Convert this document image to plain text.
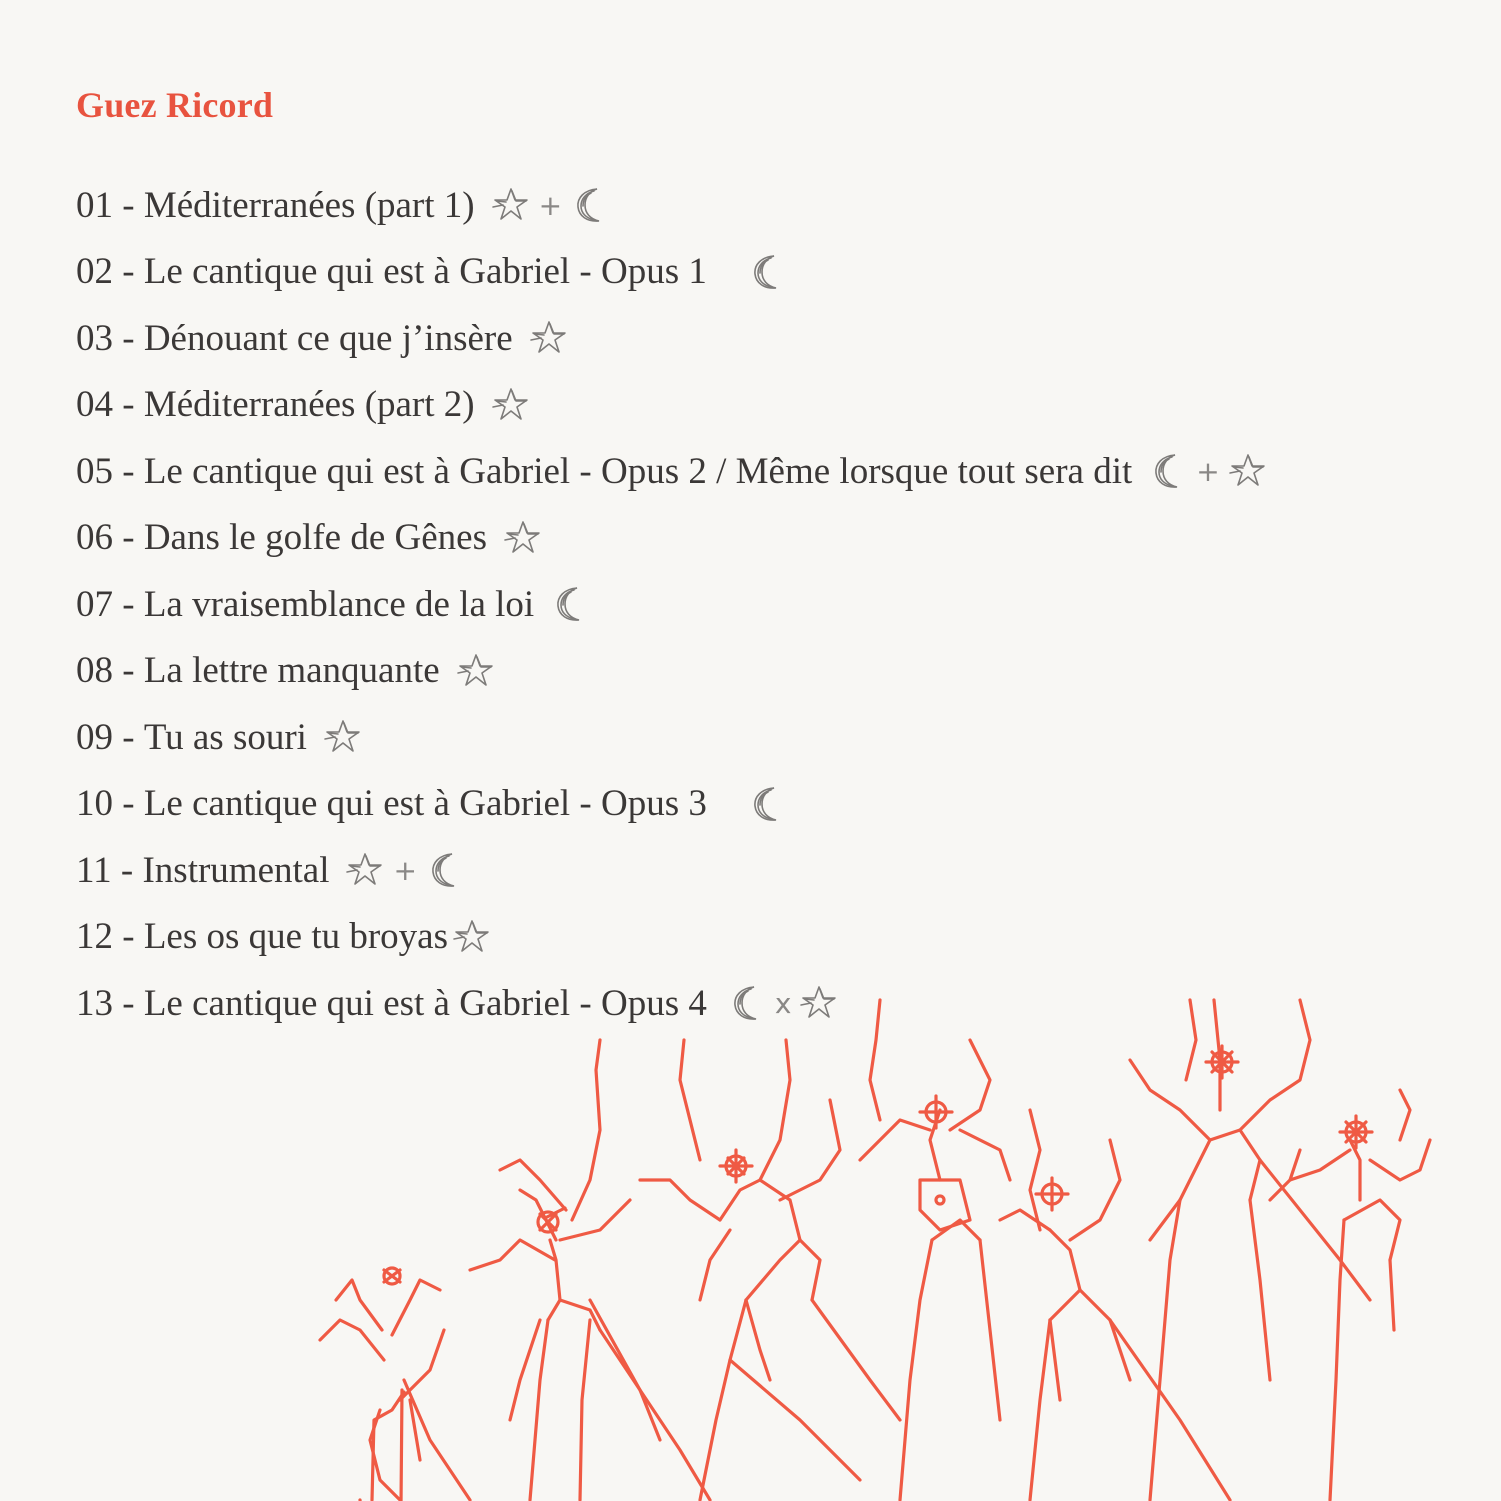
Guez Ricord
01 - Méditerranées (part 1) +
02 - Le cantique qui est à Gabriel - Opus 1
03 - Dénouant ce que j’insère
04 - Méditerranées (part 2)
05 - Le cantique qui est à Gabriel - Opus 2 / Même lorsque tout sera dit +
06 - Dans le golfe de Gênes
07 - La vraisemblance de la loi
08 - La lettre manquante
09 - Tu as souri
10 - Le cantique qui est à Gabriel - Opus 3
11 - Instrumental +
12 - Les os que tu broyas
13 - Le cantique qui est à Gabriel - Opus 4 x
